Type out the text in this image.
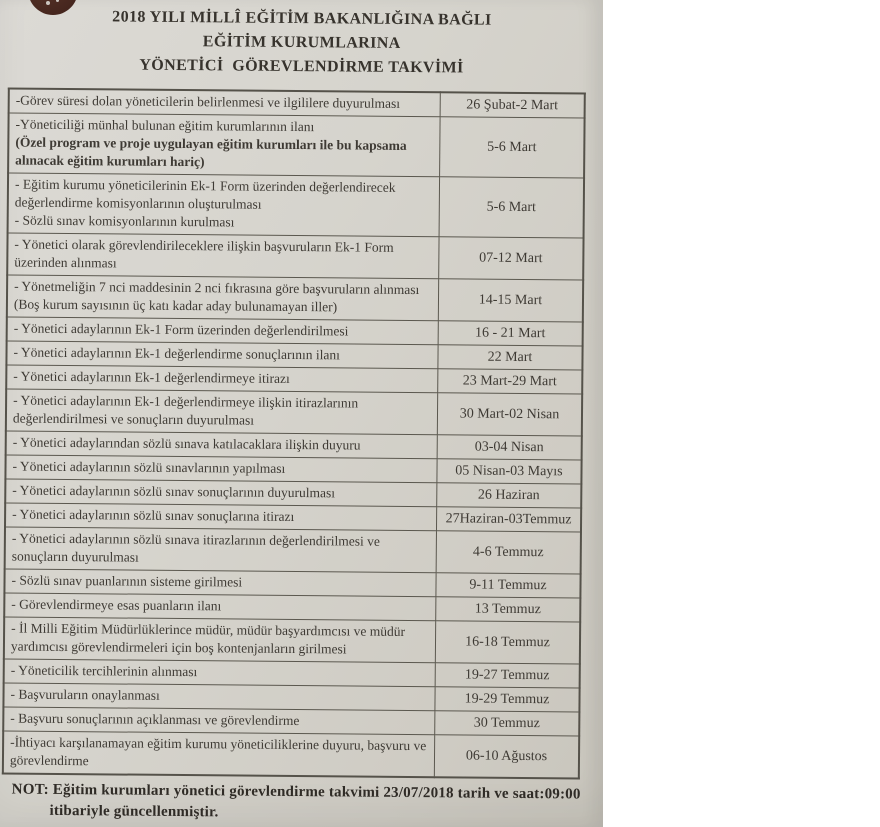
2018 YILI MİLLÎ EĞİTİM BAKANLIĞINA BAĞLI
EĞİTİM KURUMLARINA
YÖNETİCİ  GÖREVLENDİRME TAKVİMİ
-Görev süresi dolan yöneticilerin belirlenmesi ve ilgililere duyurulması	26 Şubat-2 Mart

-Yöneticiliği münhal bulunan eğitim kurumlarının ilanı
(Özel program ve proje uygulayan eğitim kurumları ile bu kapsama alınacak eğitim kurumları hariç)	5-6 Mart

- Eğitim kurumu yöneticilerinin Ek-1 Form üzerinden değerlendirecek değerlendirme komisyonlarının oluşturulması
- Sözlü sınav komisyonlarının kurulması	5-6 Mart

- Yönetici olarak görevlendirileceklere ilişkin başvuruların Ek-1 Form üzerinden alınması	07-12 Mart

- Yönetmeliğin 7 nci maddesinin 2 nci fıkrasına göre başvuruların alınması (Boş kurum sayısının üç katı kadar aday bulunamayan iller)	14-15 Mart

- Yönetici adaylarının Ek-1 Form üzerinden değerlendirilmesi	16 - 21 Mart

- Yönetici adaylarının Ek-1 değerlendirme sonuçlarının ilanı	22 Mart

- Yönetici adaylarının Ek-1 değerlendirmeye itirazı	23 Mart-29 Mart

- Yönetici adaylarının Ek-1 değerlendirmeye ilişkin itirazlarının değerlendirilmesi ve sonuçların duyurulması	30 Mart-02 Nisan

- Yönetici adaylarından sözlü sınava katılacaklara ilişkin duyuru	03-04 Nisan

- Yönetici adaylarının sözlü sınavlarının yapılması	05 Nisan-03 Mayıs

- Yönetici adaylarının sözlü sınav sonuçlarının duyurulması	26 Haziran

- Yönetici adaylarının sözlü sınav sonuçlarına itirazı	27Haziran-03Temmuz

- Yönetici adaylarının sözlü sınava itirazlarının değerlendirilmesi ve sonuçların duyurulması	4-6 Temmuz

- Sözlü sınav puanlarının sisteme girilmesi	9-11 Temmuz

- Görevlendirmeye esas puanların ilanı	13 Temmuz

- İl Milli Eğitim Müdürlüklerince müdür, müdür başyardımcısı ve müdür yardımcısı görevlendirmeleri için boş kontenjanların girilmesi	16-18 Temmuz

- Yöneticilik tercihlerinin alınması	19-27 Temmuz

- Başvuruların onaylanması	19-29 Temmuz

- Başvuru sonuçlarının açıklanması ve görevlendirme	30 Temmuz

-İhtiyacı karşılanamayan eğitim kurumu yöneticiliklerine duyuru, başvuru ve görevlendirme	06-10 Ağustos

NOT: Eğitim kurumları yönetici görevlendirme takvimi 23/07/2018 tarih ve saat:09:00 itibariyle güncellenmiştir.
